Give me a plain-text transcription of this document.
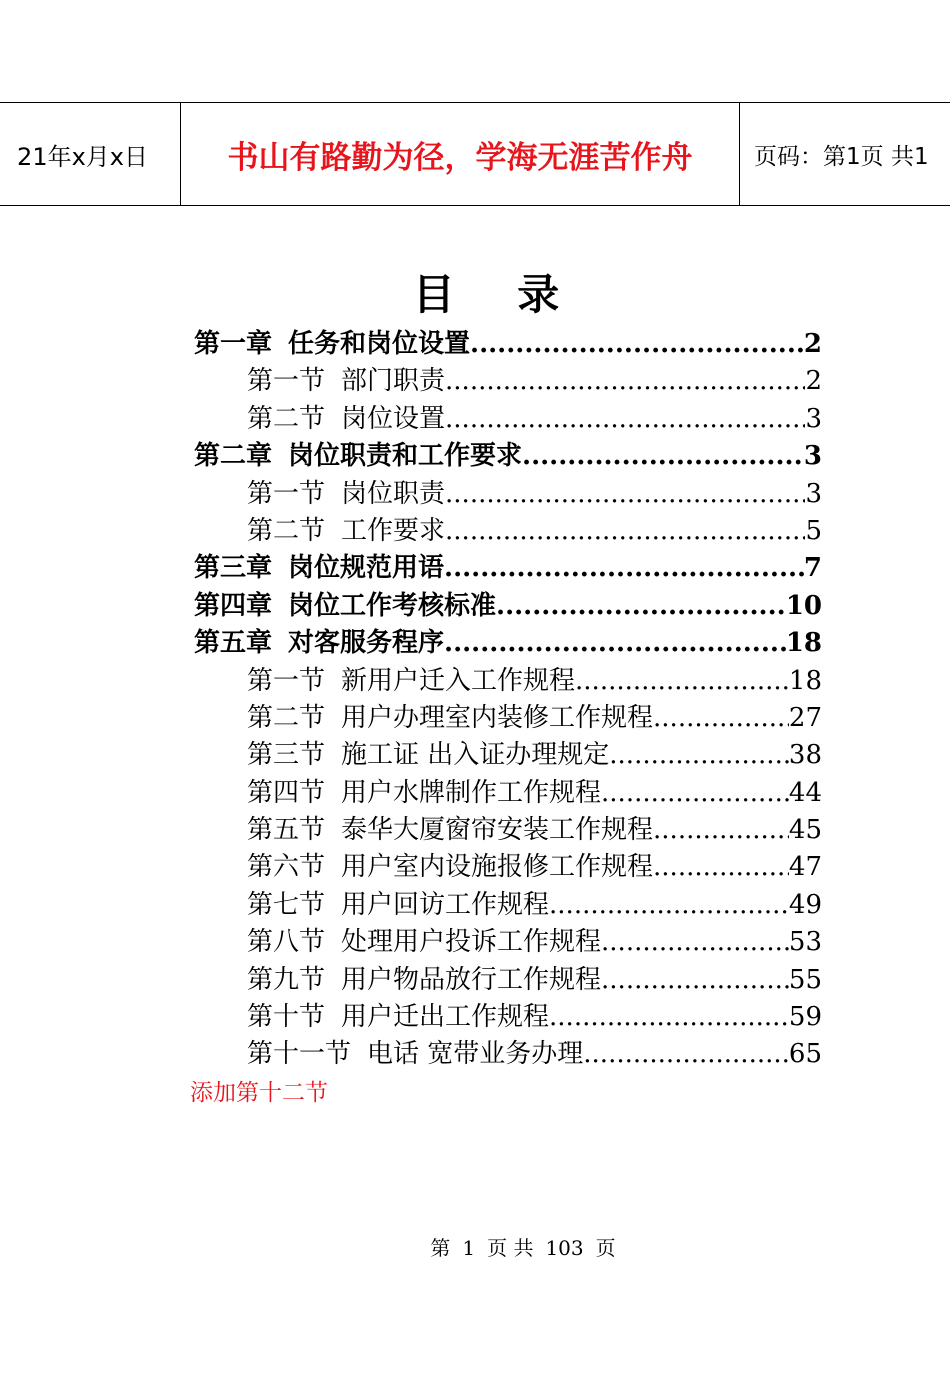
21年x月x日	书山有路勤为径，学海无涯苦作舟	页码：第1页 共1
目 录
第一章 任务和岗位设置 .....	2
第一节 部门职责 .....	2
第二节 岗位设置 .....	3
第二章 岗位职责和工作要求 .....	3
第一节 岗位职责 .....	3
第二节 工作要求 .....	5
第三章 岗位规范用语 .....	7
第四章 岗位工作考核标准 .....	10
第五章 对客服务程序 .....	18
第一节 新用户迁入工作规程 .....	18
第二节 用户办理室内装修工作规程 .....	27
第三节 施工证 出入证办理规定 .....	38
第四节 用户水牌制作工作规程 .....	44
第五节 泰华大厦窗帘安装工作规程 .....	45
第六节 用户室内设施报修工作规程 .....	47
第七节 用户回访工作规程 .....	49
第八节 处理用户投诉工作规程 .....	53
第九节 用户物品放行工作规程 .....	55
第十节 用户迁出工作规程 .....	59
第十一节 电话 宽带业务办理 .....	65
添加第十二节
第 1 页 共 103 页
